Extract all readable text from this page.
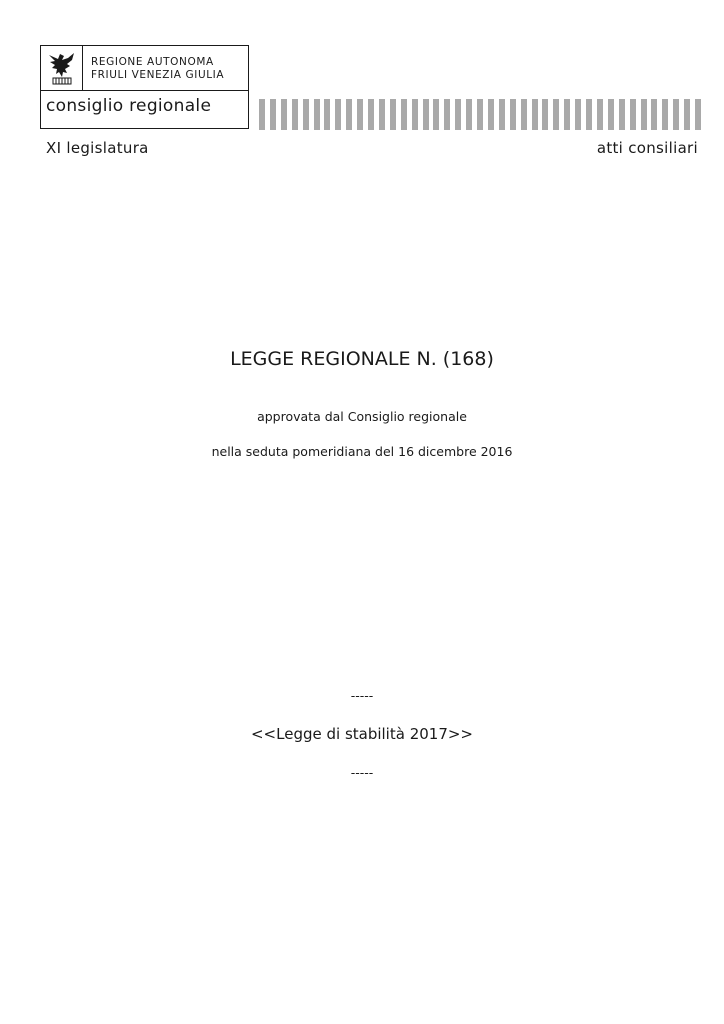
REGIONE AUTONOMA
FRIULI VENEZIA GIULIA
consiglio regionale
XI legislatura	atti consiliari
LEGGE REGIONALE N. (168)
approvata dal Consiglio regionale
nella seduta pomeridiana del 16 dicembre 2016
-----
<<Legge di stabilità 2017>>
-----
